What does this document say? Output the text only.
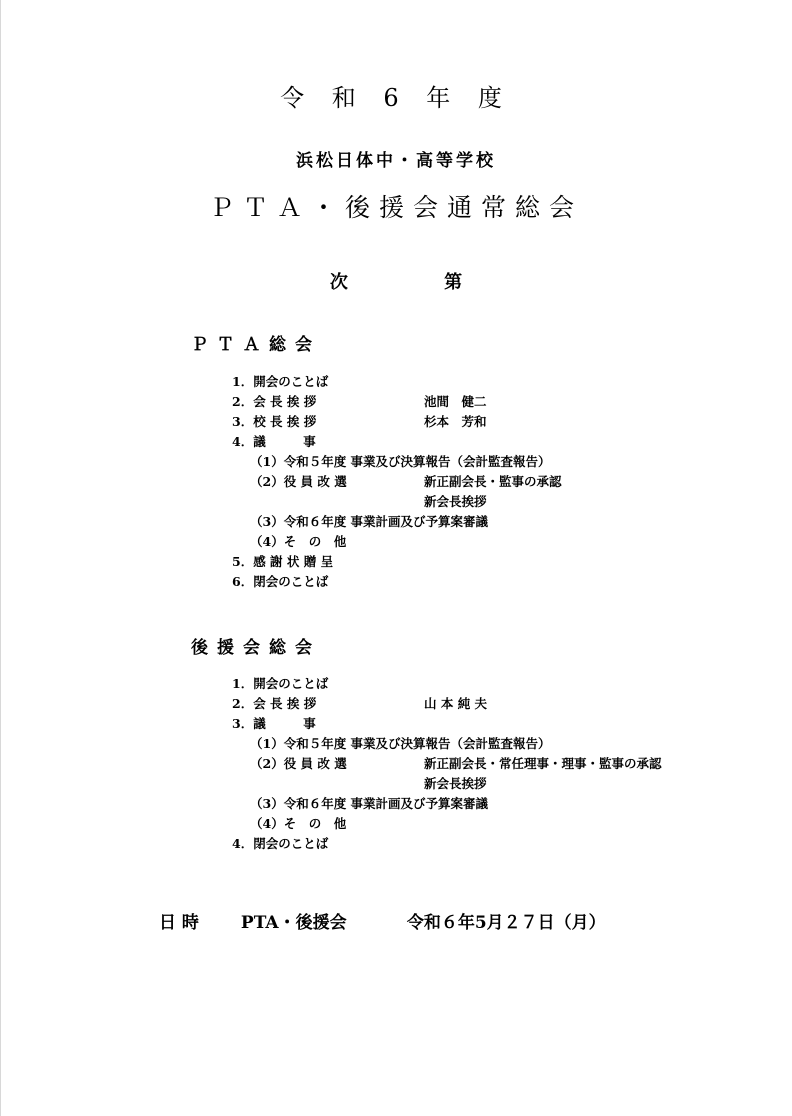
令 和 6 年 度
浜松日体中・高等学校
ＰＴＡ・後援会通常総会
次 第
ＰＴＡ総会
1．開会のことば
2．会 長 挨 拶	池間　健二
3．校 長 挨 拶	杉本　芳和
4．議　　　事
（1）令和５年度 事業及び決算報告（会計監査報告）
（2）役 員 改 選	新正副会長・監事の承認
新会長挨拶
（3）令和６年度 事業計画及び予算案審議
（4）そ　の　他
5．感 謝 状 贈 呈
6．閉会のことば
後援会総会
1．開会のことば
2．会 長 挨 拶	山 本 純 夫
3．議　　　事
（1）令和５年度 事業及び決算報告（会計監査報告）
（2）役 員 改 選	新正副会長・常任理事・理事・監事の承認
新会長挨拶
（3）令和６年度 事業計画及び予算案審議
（4）そ　の　他
4．閉会のことば
日 時 PTA・後援会	令和６年5月２７日（月）
